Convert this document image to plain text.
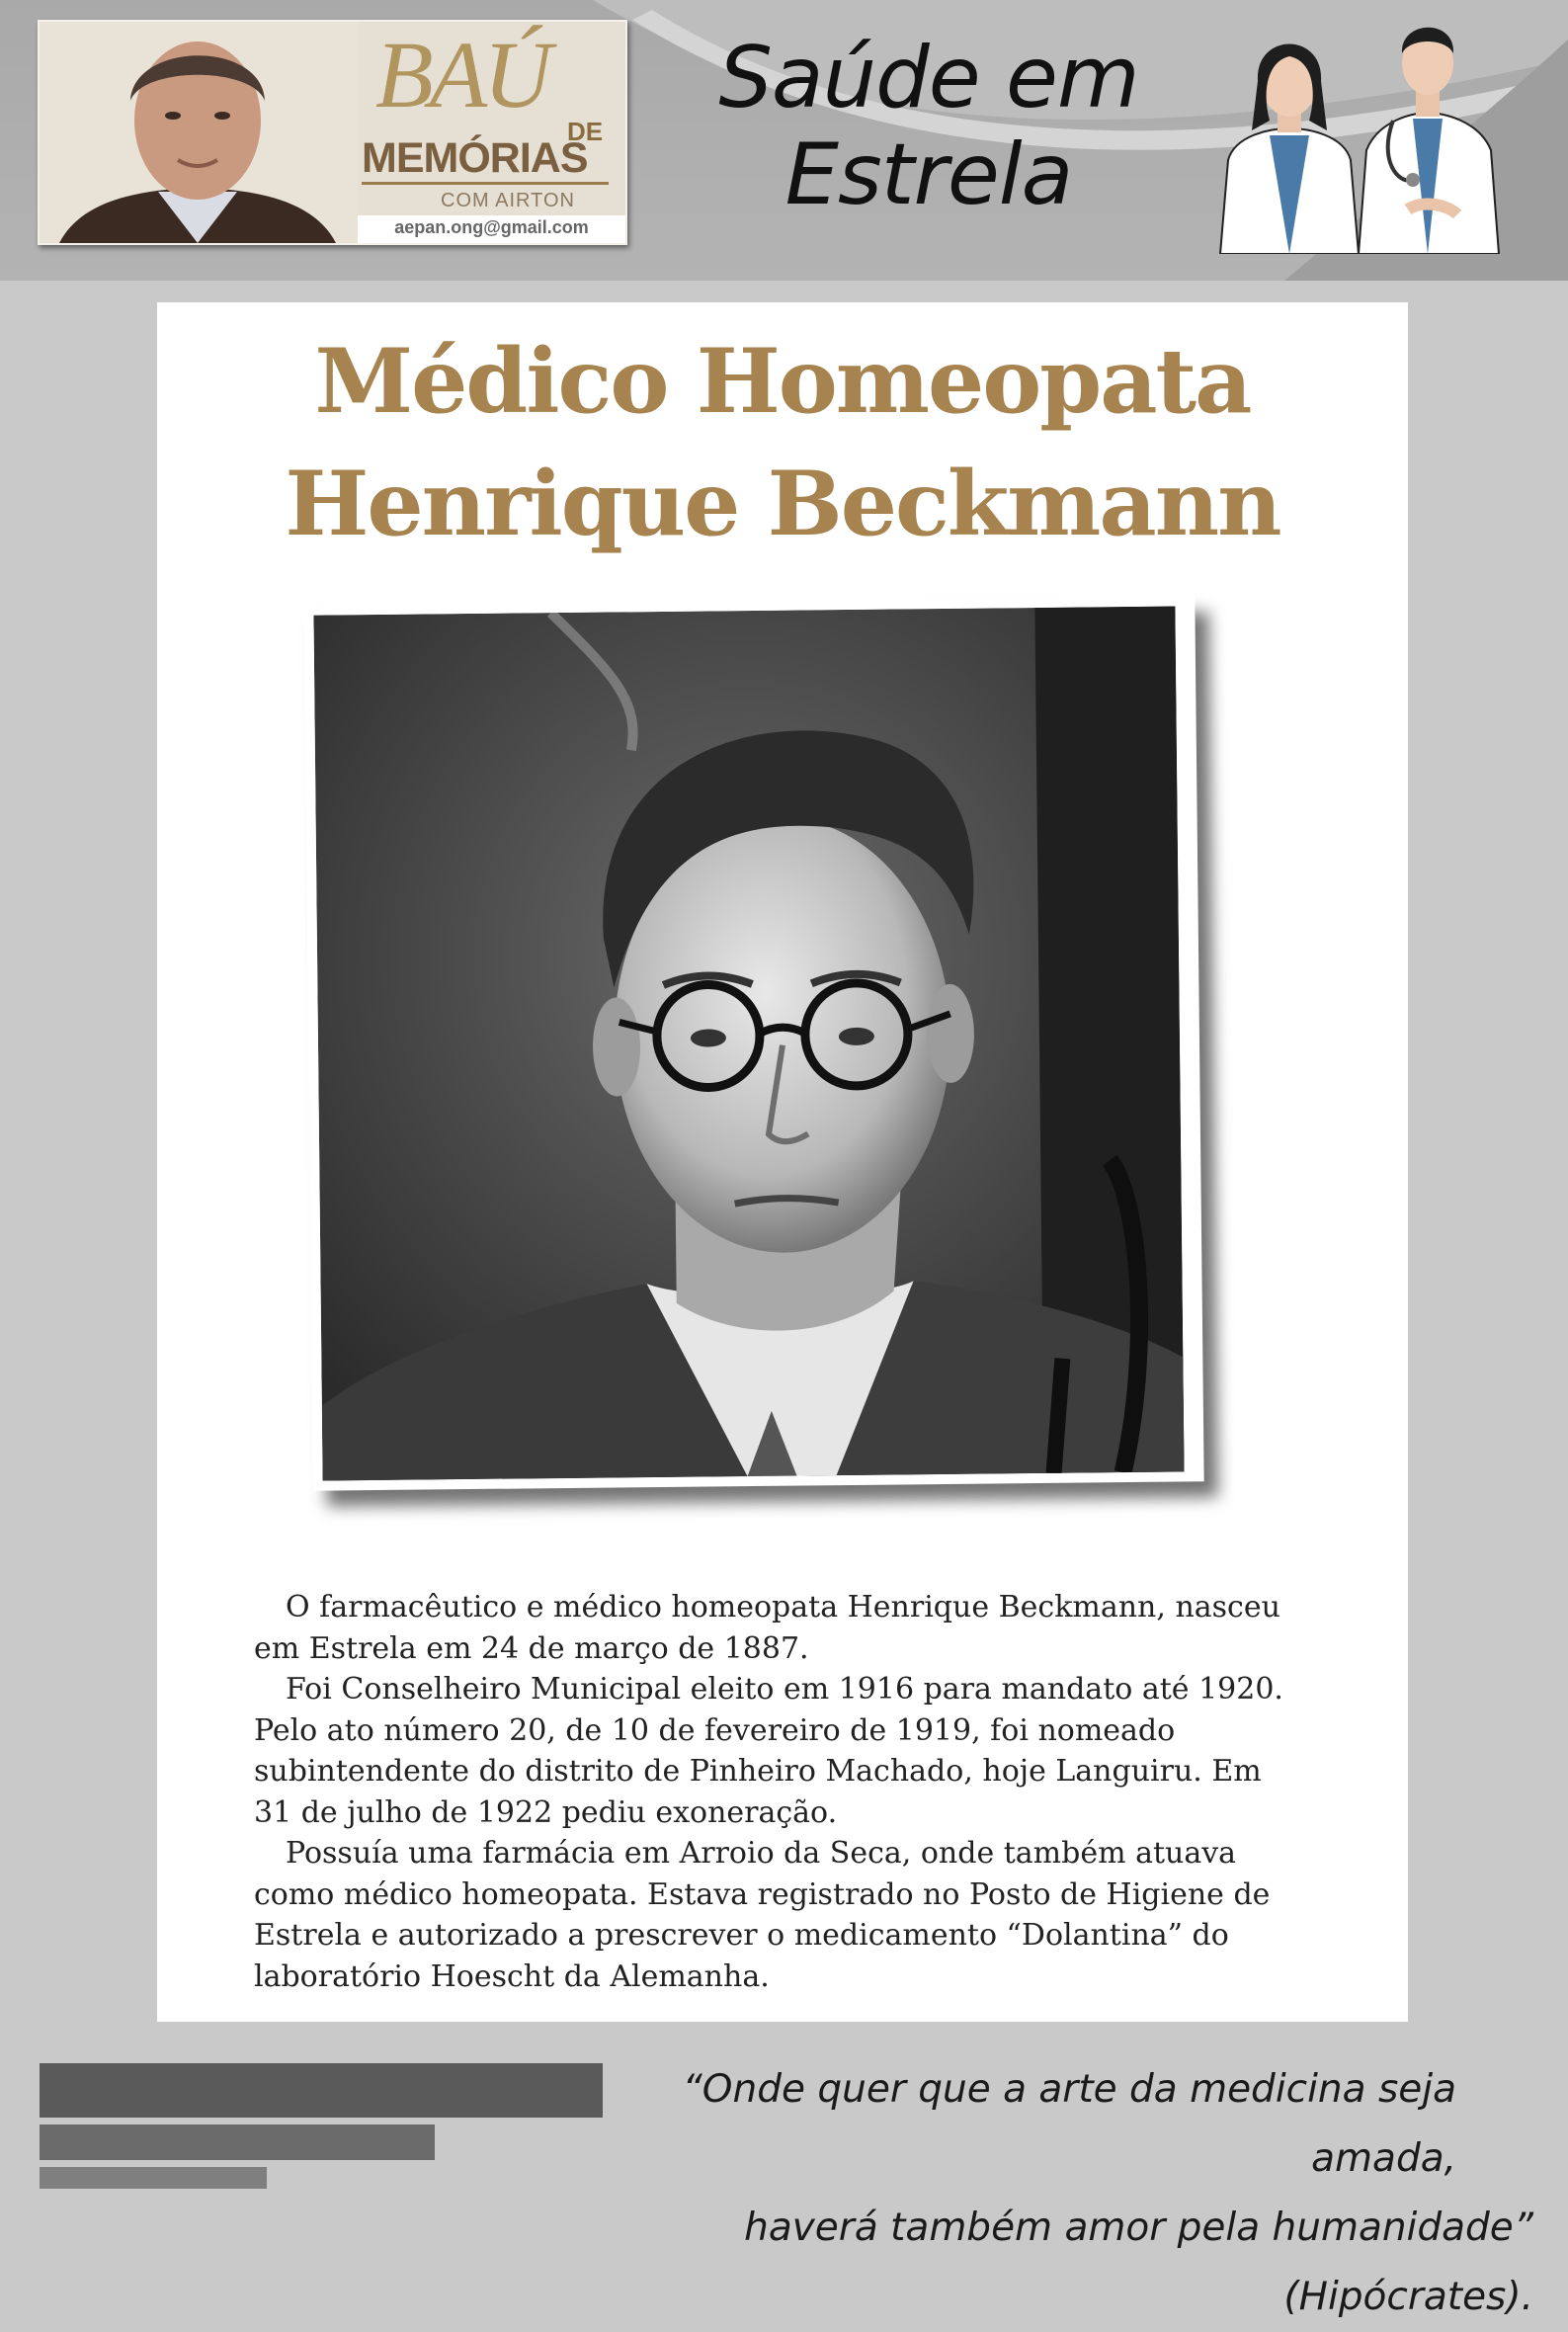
BAÚ
DE
MEMÓRIAS
COM AIRTON
aepan.ong@gmail.com
Saúde em
Estrela
Médico Homeopata
Henrique Beckmann

O farmacêutico e médico homeopata Henrique Beckmann, nasceu em Estrela em 24 de março de 1887.

Foi Conselheiro Municipal eleito em 1916 para mandato até 1920. Pelo ato número 20, de 10 de fevereiro de 1919, foi nomeado subintendente do distrito de Pinheiro Machado, hoje Languiru. Em 31 de julho de 1922 pediu exoneração.

Possuía uma farmácia em Arroio da Seca, onde também atuava como médico homeopata. Estava registrado no Posto de Higiene de Estrela e autorizado a prescrever o medicamento “Dolantina” do laboratório Hoescht da Alemanha.

“Onde quer que a arte da medicina seja amada,
haverá também amor pela humanidade” (Hipócrates).
